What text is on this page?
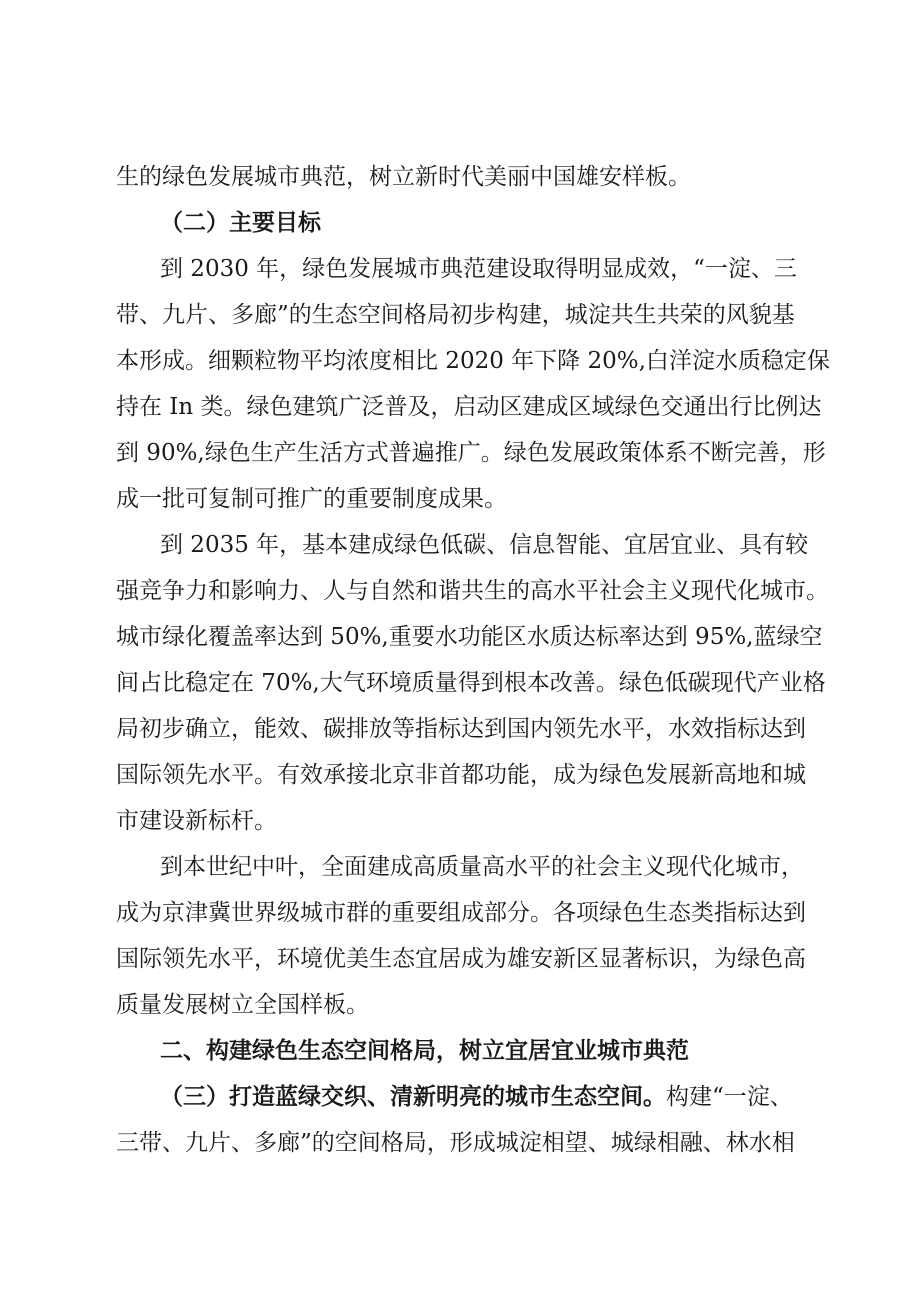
生的绿色发展城市典范，树立新时代美丽中国雄安样板。
（二）主要目标
到 2030 年，绿色发展城市典范建设取得明显成效，“一淀、三
带、九片、多廊”的生态空间格局初步构建，城淀共生共荣的风貌基
本形成。细颗粒物平均浓度相比 2020 年下降 20%,白洋淀水质稳定保
持在 In 类。绿色建筑广泛普及，启动区建成区域绿色交通出行比例达
到 90%,绿色生产生活方式普遍推广。绿色发展政策体系不断完善，形
成一批可复制可推广的重要制度成果。
到 2035 年，基本建成绿色低碳、信息智能、宜居宜业、具有较
强竞争力和影响力、人与自然和谐共生的高水平社会主义现代化城市。
城市绿化覆盖率达到 50%,重要水功能区水质达标率达到 95%,蓝绿空
间占比稳定在 70%,大气环境质量得到根本改善。绿色低碳现代产业格
局初步确立，能效、碳排放等指标达到国内领先水平，水效指标达到
国际领先水平。有效承接北京非首都功能，成为绿色发展新高地和城
市建设新标杆。
到本世纪中叶，全面建成高质量高水平的社会主义现代化城市，
成为京津冀世界级城市群的重要组成部分。各项绿色生态类指标达到
国际领先水平，环境优美生态宜居成为雄安新区显著标识，为绿色高
质量发展树立全国样板。
二、构建绿色生态空间格局，树立宜居宜业城市典范
（三）打造蓝绿交织、清新明亮的城市生态空间。构建“一淀、
三带、九片、多廊”的空间格局，形成城淀相望、城绿相融、林水相
